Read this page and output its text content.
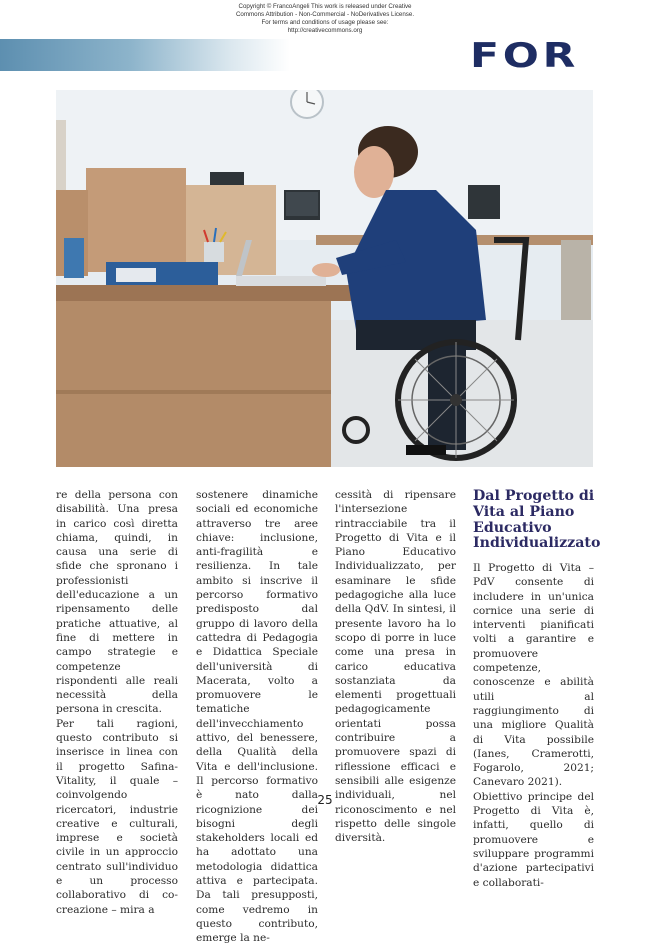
Copyright © FrancoAngeli This work is released under Creative
Commons Attribution - Non-Commercial - NoDerivatives License.
For terms and conditions of usage please see:
http://creativecommons.org
FOR

re della persona con disabilità. Una presa in carico così diretta chiama, quindi, in causa una serie di sfide che spronano i professionisti dell'educazione a un ripensamento delle pratiche attuative, al fine di mettere in campo strategie e competenze rispondenti alle reali necessità della persona in crescita.

Per tali ragioni, questo contributo si inserisce in linea con il progetto Safina-Vitality, il quale – coinvolgendo ricercatori, industrie creative e culturali, imprese e società civile in un approccio centrato sull'individuo e un processo collaborativo di co-creazione – mira a

sostenere dinamiche sociali ed economiche attraverso tre aree chiave: inclusione, anti-fragilità e resilienza. In tale ambito si inscrive il percorso formativo predisposto dal gruppo di lavoro della cattedra di Pedagogia e Didattica Speciale dell'università di Macerata, volto a promuovere le tematiche dell'invecchiamento attivo, del benessere, della Qualità della Vita e dell'inclusione. Il percorso formativo è nato dalla ricognizione dei bisogni degli stakeholders locali ed ha adottato una metodologia didattica attiva e partecipata. Da tali presupposti, come vedremo in questo contributo, emerge la ne-

cessità di ripensare l'intersezione rintracciabile tra il Progetto di Vita e il Piano Educativo Individualizzato, per esaminare le sfide pedagogiche alla luce della QdV. In sintesi, il presente lavoro ha lo scopo di porre in luce come una presa in carico educativa sostanziata da elementi progettuali pedagogicamente orientati possa contribuire a promuovere spazi di riflessione efficaci e sensibili alle esigenze individuali, nel riconoscimento e nel rispetto delle singole diversità.

Dal Progetto di Vita al Piano Educativo Individualizzato

Il Progetto di Vita – PdV consente di includere in un'unica cornice una serie di interventi pianificati volti a garantire e promuovere competenze, conoscenze e abilità utili al raggiungimento di una migliore Qualità di Vita possibile (Ianes, Cramerotti, Fogarolo, 2021; Canevaro 2021).

Obiettivo principe del Progetto di Vita è, infatti, quello di promuovere e sviluppare programmi d'azione partecipativi e collaborati-

25
